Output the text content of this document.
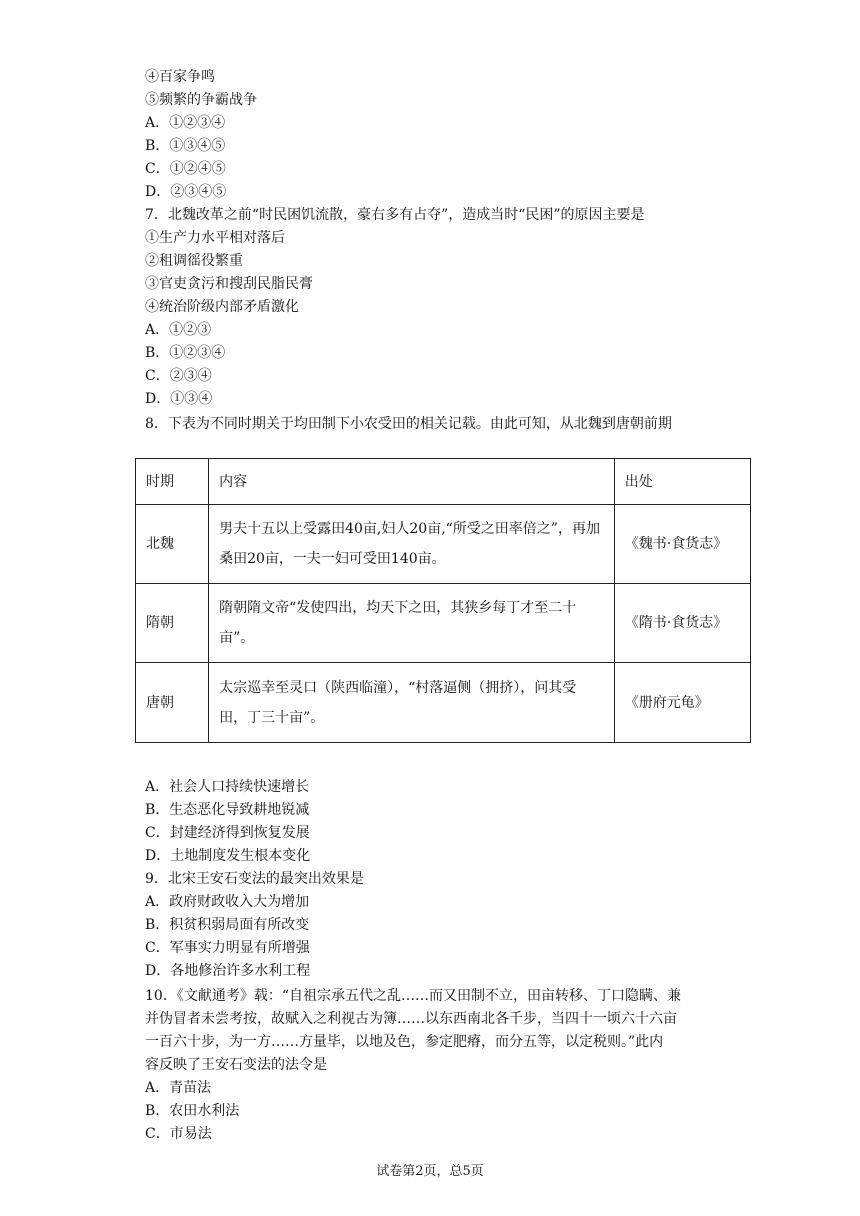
④百家争鸣
⑤频繁的争霸战争
A．①②③④
B．①③④⑤
C．①②④⑤
D．②③④⑤
7．北魏改革之前“时民困饥流散，豪右多有占夺”，造成当时“民困”的原因主要是
①生产力水平相对落后
②租调徭役繁重
③官吏贪污和搜刮民脂民膏
④统治阶级内部矛盾激化
A．①②③
B．①②③④
C．②③④
D．①③④
8．下表为不同时期关于均田制下小农受田的相关记载。由此可知，从北魏到唐朝前期
时期	内容	出处
北魏	男夫十五以上受露田40亩,妇人20亩,“所受之田率倍之”，再加桑田20亩，一夫一妇可受田140亩。	《魏书·食货志》
隋朝	隋朝隋文帝“发使四出，均天下之田，其狭乡每丁才至二十亩”。	《隋书·食货志》
唐朝	太宗巡幸至灵口（陕西临潼），“村落逼侧（拥挤），问其受田，丁三十亩”。	《册府元龟》
A．社会人口持续快速增长
B．生态恶化导致耕地锐减
C．封建经济得到恢复发展
D．土地制度发生根本变化
9．北宋王安石变法的最突出效果是
A．政府财政收入大为增加
B．积贫积弱局面有所改变
C．军事实力明显有所增强
D．各地修治许多水利工程
10．《文献通考》载：“自祖宗承五代之乱……而又田制不立，田亩转移、丁口隐瞒、兼
并伪冒者未尝考按，故赋入之利视古为簿……以东西南北各千步，当四十一顷六十六亩
一百六十步，为一方……方量毕，以地及色，参定肥瘠，而分五等，以定税则。”此内
容反映了王安石变法的法令是
A．青苗法
B．农田水利法
C．市易法
试卷第2页，总5页
